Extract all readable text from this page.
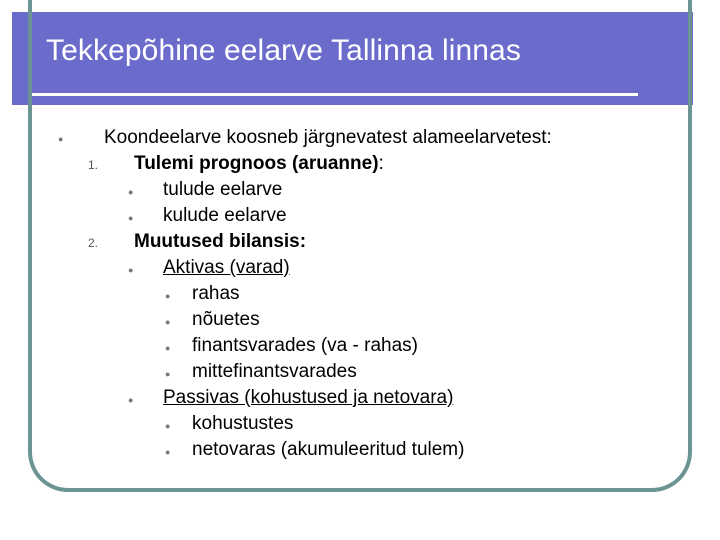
Tekkepõhine eelarve Tallinna linnas
● Koondeelarve koosneb järgnevatest alameelarvetest:
1. Tulemi prognoos (aruanne):
● tulude eelarve
● kulude eelarve
2. Muutused bilansis:
● Aktivas (varad)
● rahas
● nõuetes
● finantsvarades (va - rahas)
● mittefinantsvarades
● Passivas (kohustused ja netovara)
● kohustustes
● netovaras (akumuleeritud tulem)
